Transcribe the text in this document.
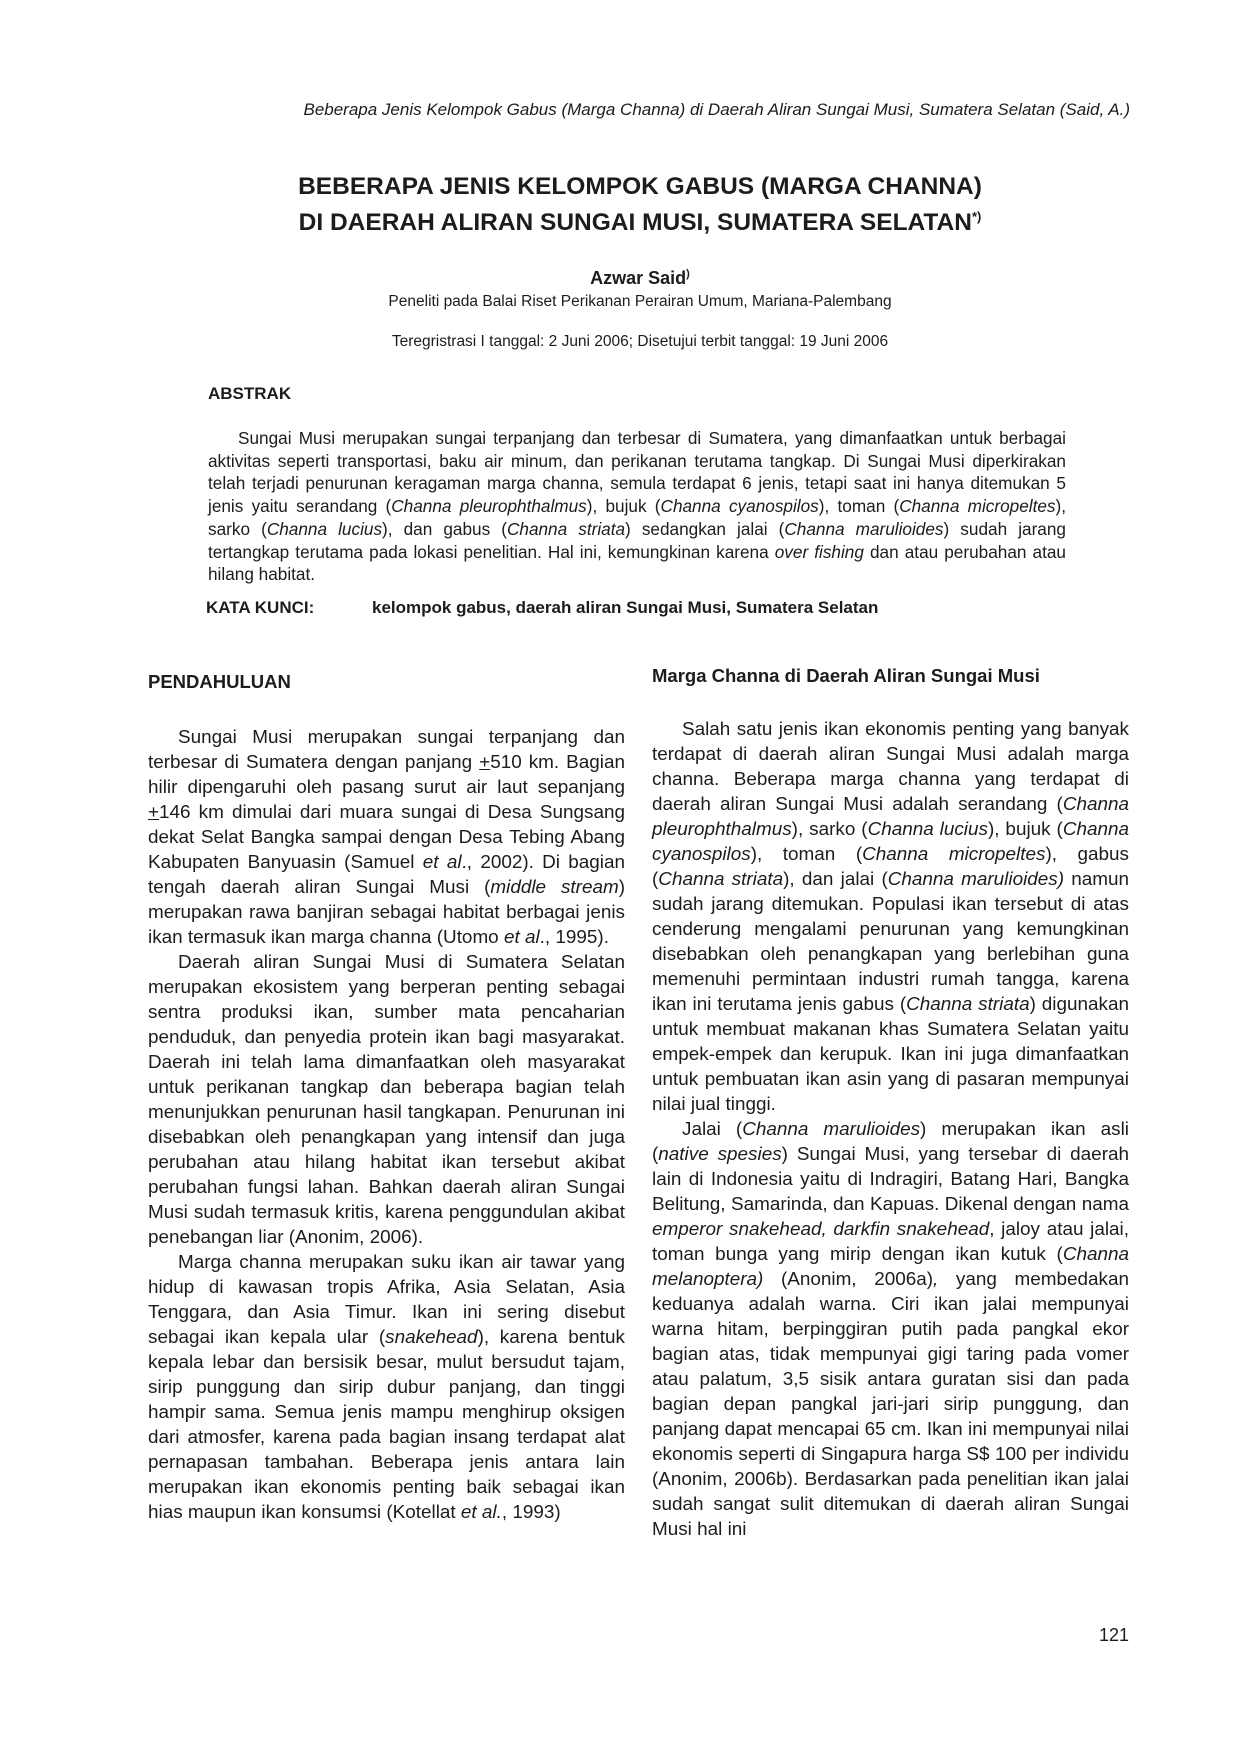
Beberapa Jenis Kelompok Gabus (Marga Channa) di Daerah Aliran Sungai Musi, Sumatera Selatan (Said, A.)
BEBERAPA JENIS KELOMPOK GABUS (MARGA CHANNA)
DI DAERAH ALIRAN SUNGAI MUSI, SUMATERA SELATAN*)
Azwar Said)
Peneliti pada Balai Riset Perikanan Perairan Umum, Mariana-Palembang
Teregristrasi I tanggal: 2 Juni 2006; Disetujui terbit tanggal: 19 Juni 2006
ABSTRAK

Sungai Musi merupakan sungai terpanjang dan terbesar di Sumatera, yang dimanfaatkan untuk berbagai aktivitas seperti transportasi, baku air minum, dan perikanan terutama tangkap. Di Sungai Musi diperkirakan telah terjadi penurunan keragaman marga channa, semula terdapat 6 jenis, tetapi saat ini hanya ditemukan 5 jenis yaitu serandang (Channa pleurophthalmus), bujuk (Channa cyanospilos), toman (Channa micropeltes), sarko (Channa lucius), dan gabus (Channa striata) sedangkan jalai (Channa marulioides) sudah jarang tertangkap terutama pada lokasi penelitian. Hal ini, kemungkinan karena over fishing dan atau perubahan atau hilang habitat.

KATA KUNCI:	kelompok gabus, daerah aliran Sungai Musi, Sumatera Selatan
PENDAHULUAN

Sungai Musi merupakan sungai terpanjang dan terbesar di Sumatera dengan panjang +510 km. Bagian hilir dipengaruhi oleh pasang surut air laut sepanjang +146 km dimulai dari muara sungai di Desa Sungsang dekat Selat Bangka sampai dengan Desa Tebing Abang Kabupaten Banyuasin (Samuel et al., 2002). Di bagian tengah daerah aliran Sungai Musi (middle stream) merupakan rawa banjiran sebagai habitat berbagai jenis ikan termasuk ikan marga channa (Utomo et al., 1995).

Daerah aliran Sungai Musi di Sumatera Selatan merupakan ekosistem yang berperan penting sebagai sentra produksi ikan, sumber mata pencaharian penduduk, dan penyedia protein ikan bagi masyarakat. Daerah ini telah lama dimanfaatkan oleh masyarakat untuk perikanan tangkap dan beberapa bagian telah menunjukkan penurunan hasil tangkapan. Penurunan ini disebabkan oleh penangkapan yang intensif dan juga perubahan atau hilang habitat ikan tersebut akibat perubahan fungsi lahan. Bahkan daerah aliran Sungai Musi sudah termasuk kritis, karena penggundulan akibat penebangan liar (Anonim, 2006).

Marga channa merupakan suku ikan air tawar yang hidup di kawasan tropis Afrika, Asia Selatan, Asia Tenggara, dan Asia Timur. Ikan ini sering disebut sebagai ikan kepala ular (snakehead), karena bentuk kepala lebar dan bersisik besar, mulut bersudut tajam, sirip punggung dan sirip dubur panjang, dan tinggi hampir sama. Semua jenis mampu menghirup oksigen dari atmosfer, karena pada bagian insang terdapat alat pernapasan tambahan. Beberapa jenis antara lain merupakan ikan ekonomis penting baik sebagai ikan hias maupun ikan konsumsi (Kotellat et al., 1993)

Marga Channa di Daerah Aliran Sungai Musi

Salah satu jenis ikan ekonomis penting yang banyak terdapat di daerah aliran Sungai Musi adalah marga channa. Beberapa marga channa yang terdapat di daerah aliran Sungai Musi adalah serandang (Channa pleurophthalmus), sarko (Channa lucius), bujuk (Channa cyanospilos), toman (Channa micropeltes), gabus (Channa striata), dan jalai (Channa marulioides) namun sudah jarang ditemukan. Populasi ikan tersebut di atas cenderung mengalami penurunan yang kemungkinan disebabkan oleh penangkapan yang berlebihan guna memenuhi permintaan industri rumah tangga, karena ikan ini terutama jenis gabus (Channa striata) digunakan untuk membuat makanan khas Sumatera Selatan yaitu empek-empek dan kerupuk. Ikan ini juga dimanfaatkan untuk pembuatan ikan asin yang di pasaran mempunyai nilai jual tinggi.

Jalai (Channa marulioides) merupakan ikan asli (native spesies) Sungai Musi, yang tersebar di daerah lain di Indonesia yaitu di Indragiri, Batang Hari, Bangka Belitung, Samarinda, dan Kapuas. Dikenal dengan nama emperor snakehead, darkfin snakehead, jaloy atau jalai, toman bunga yang mirip dengan ikan kutuk (Channa melanoptera) (Anonim, 2006a), yang membedakan keduanya adalah warna. Ciri ikan jalai mempunyai warna hitam, berpinggiran putih pada pangkal ekor bagian atas, tidak mempunyai gigi taring pada vomer atau palatum, 3,5 sisik antara guratan sisi dan pada bagian depan pangkal jari-jari sirip punggung, dan panjang dapat mencapai 65 cm. Ikan ini mempunyai nilai ekonomis seperti di Singapura harga S$ 100 per individu (Anonim, 2006b). Berdasarkan pada penelitian ikan jalai sudah sangat sulit ditemukan di daerah aliran Sungai Musi hal ini

121
